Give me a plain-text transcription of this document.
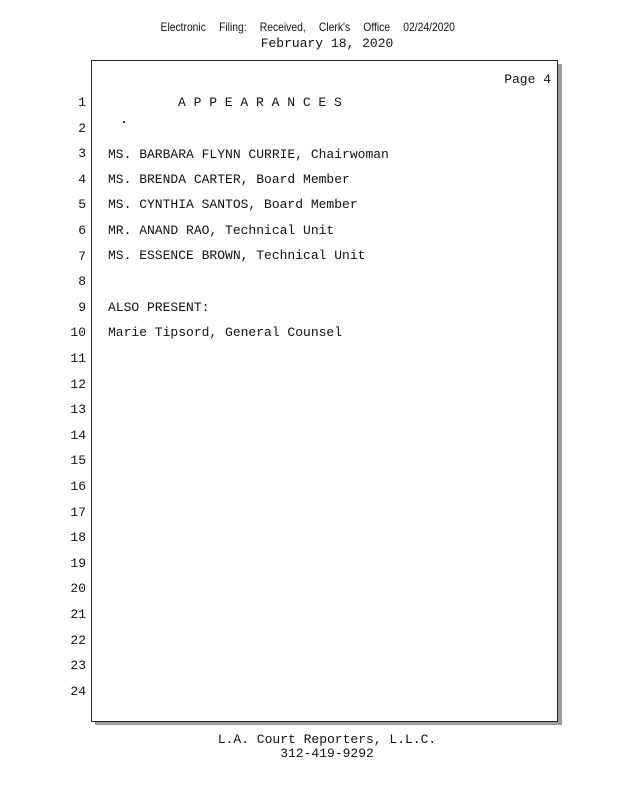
Electronic Filing: Received, Clerk's Office 02/24/2020
February 18, 2020
Page 4
1
2
3
4
5
6
7
8
9
10
11
12
13
14
15
16
17
18
19
20
21
22
23
24
A P P E A R A N C E S
MS. BARBARA FLYNN CURRIE, Chairwoman
MS. BRENDA CARTER, Board Member
MS. CYNTHIA SANTOS, Board Member
MR. ANAND RAO, Technical Unit
MS. ESSENCE BROWN, Technical Unit
ALSO PRESENT:
Marie Tipsord, General Counsel
L.A. Court Reporters, L.L.C.
312-419-9292
